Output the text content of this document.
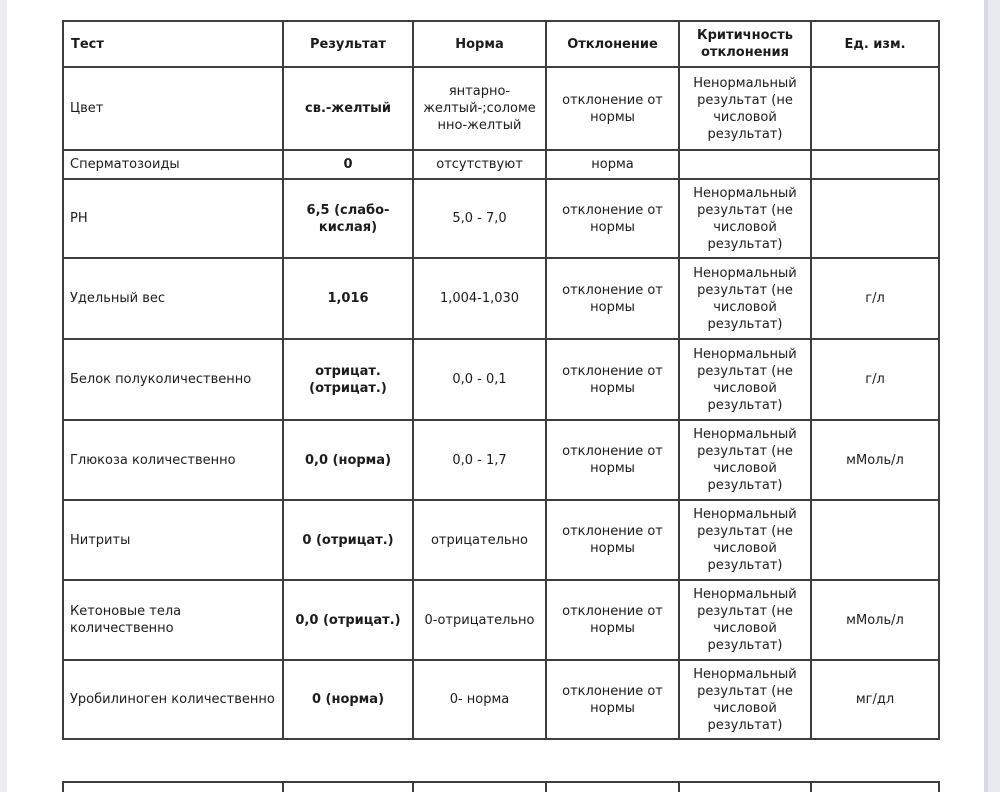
Тест	Результат	Норма	Отклонение	Критичность отклонения	Ед. изм.
Цвет	св.-желтый	янтарно-желтый-;соломенно-желтый	отклонение от нормы	Ненормальный результат (не числовой результат)	
Сперматозоиды	0	отсутствуют	норма		
PH	6,5 (слабо-кислая)	5,0 - 7,0	отклонение от нормы	Ненормальный результат (не числовой результат)	
Удельный вес	1,016	1,004-1,030	отклонение от нормы	Ненормальный результат (не числовой результат)	г/л
Белок полуколичественно	отрицат. (отрицат.)	0,0 - 0,1	отклонение от нормы	Ненормальный результат (не числовой результат)	г/л
Глюкоза количественно	0,0 (норма)	0,0 - 1,7	отклонение от нормы	Ненормальный результат (не числовой результат)	мМоль/л
Нитриты	0 (отрицат.)	отрицательно	отклонение от нормы	Ненормальный результат (не числовой результат)	
Кетоновые тела количественно	0,0 (отрицат.)	0-отрицательно	отклонение от нормы	Ненормальный результат (не числовой результат)	мМоль/л
Уробилиноген количественно	0 (норма)	0- норма	отклонение от нормы	Ненормальный результат (не числовой результат)	мг/дл
